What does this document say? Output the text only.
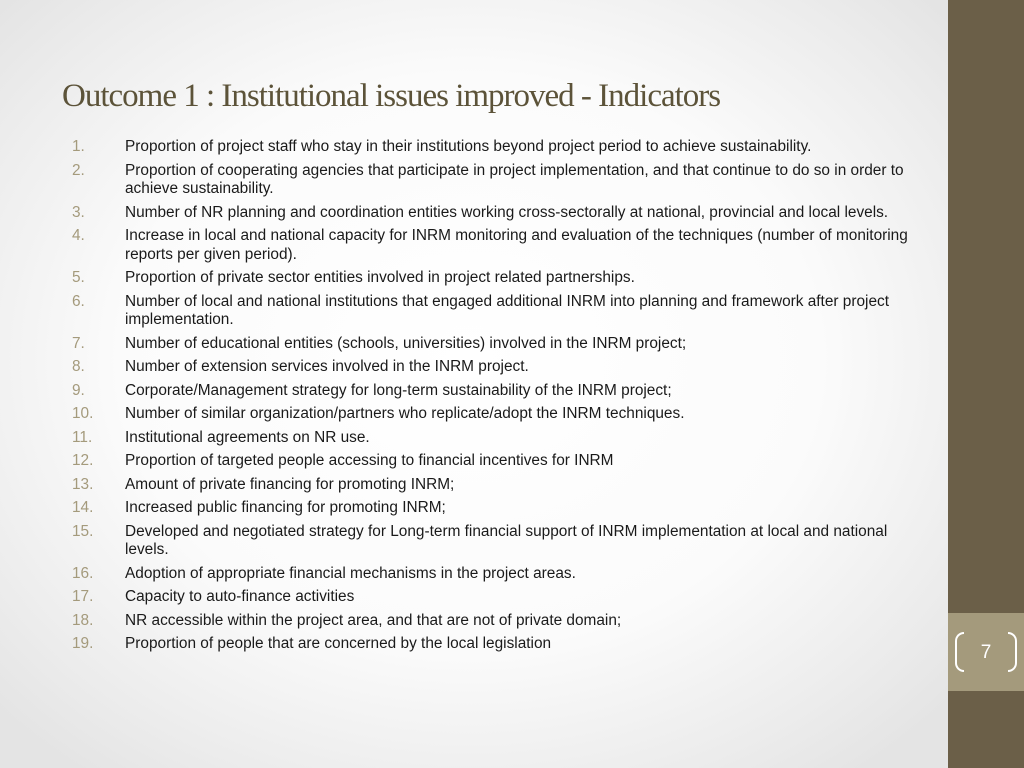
Outcome 1 : Institutional issues improved - Indicators
1.	Proportion of project staff who stay in their institutions beyond project period to achieve sustainability.
2.	Proportion of cooperating agencies that participate in project implementation, and that continue to do so in order to achieve sustainability.
3.	Number of NR planning and coordination entities working cross-sectorally at national, provincial and local levels.
4.	Increase in local and national capacity for INRM monitoring and evaluation of the techniques (number of monitoring reports per given period).
5.	Proportion of private sector entities involved in project related partnerships.
6.	Number of local and national institutions that engaged additional INRM into planning and framework after project implementation.
7.	Number of educational entities (schools, universities) involved in the INRM project;
8.	Number of extension services involved in the INRM project.
9.	Corporate/Management strategy for long-term sustainability of the INRM project;
10.	Number of similar organization/partners who replicate/adopt the INRM techniques.
11.	Institutional agreements on NR use.
12.	Proportion of targeted people accessing to financial incentives for INRM
13.	Amount of private financing for promoting INRM;
14.	Increased public financing for promoting INRM;
15.	Developed and negotiated strategy for Long-term financial support of INRM implementation at local and national levels.
16.	Adoption of appropriate financial mechanisms in the project areas.
17.	Capacity to auto-finance activities
18.	NR accessible within the project area, and that are not of private domain;
19.	Proportion of people that are concerned by the local legislation	7
